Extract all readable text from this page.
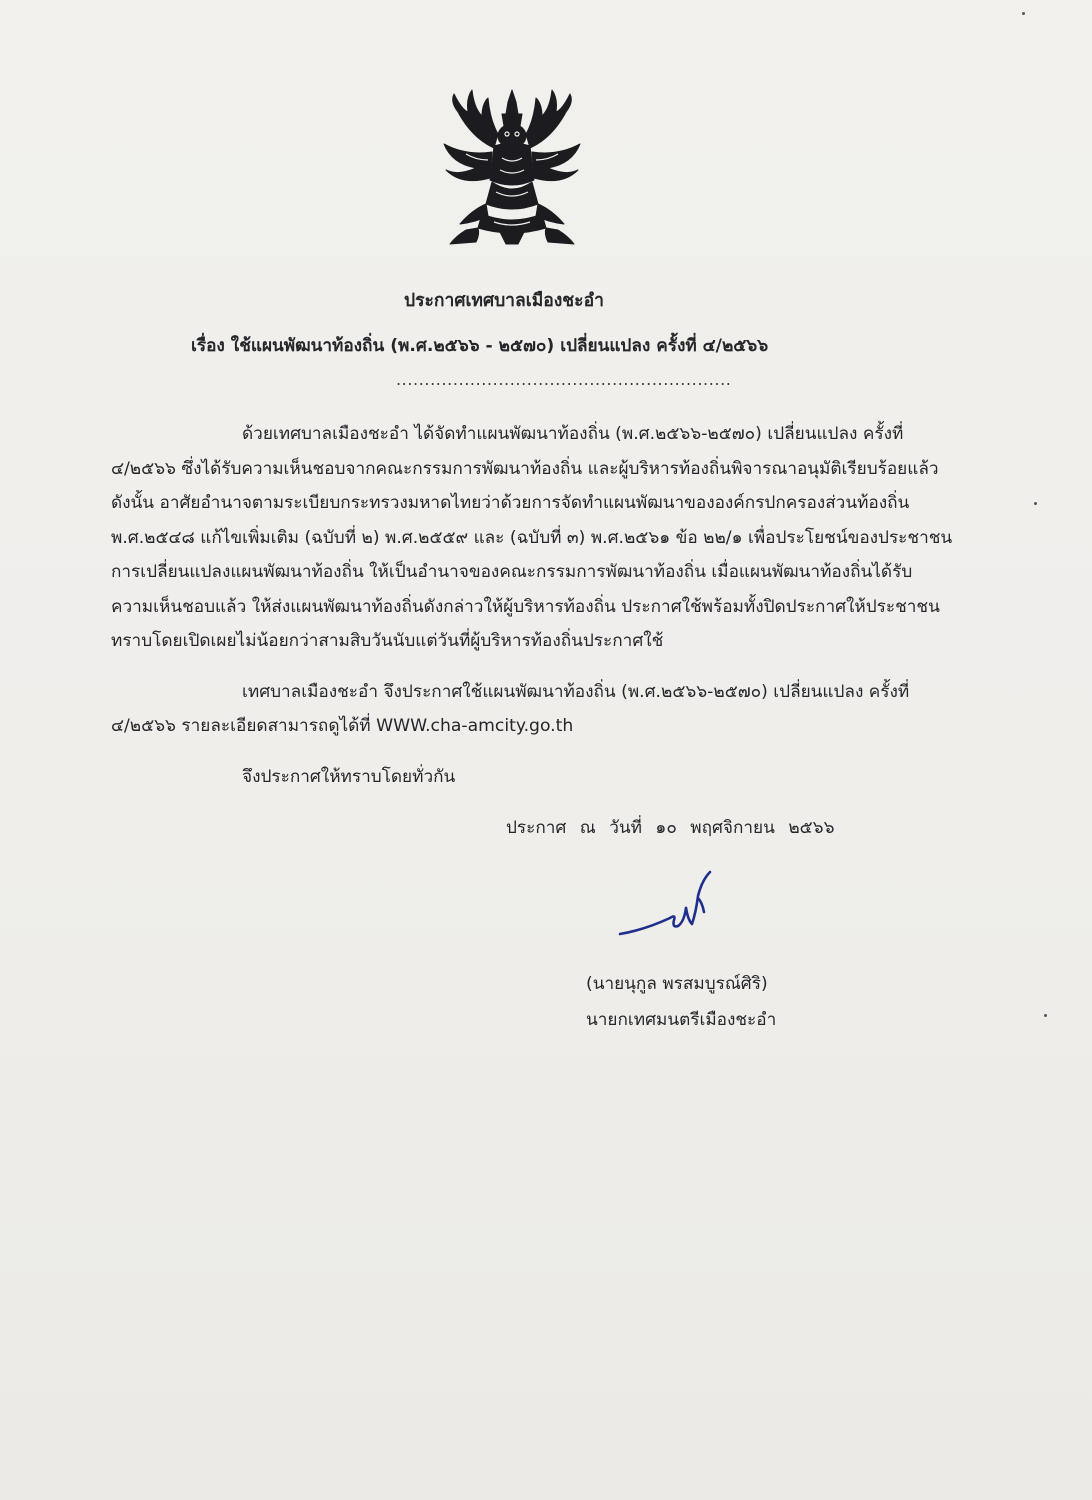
ประกาศเทศบาลเมืองชะอำ

เรื่อง ใช้แผนพัฒนาท้องถิ่น (พ.ศ.๒๕๖๖ - ๒๕๗๐) เปลี่ยนแปลง ครั้งที่ ๔/๒๕๖๖

...........................................................

ด้วยเทศบาลเมืองชะอำ ได้จัดทำแผนพัฒนาท้องถิ่น (พ.ศ.๒๕๖๖-๒๕๗๐) เปลี่ยนแปลง ครั้งที่

๔/๒๕๖๖ ซึ่งได้รับความเห็นชอบจากคณะกรรมการพัฒนาท้องถิ่น และผู้บริหารท้องถิ่นพิจารณาอนุมัติเรียบร้อยแล้ว

ดังนั้น อาศัยอำนาจตามระเบียบกระทรวงมหาดไทยว่าด้วยการจัดทำแผนพัฒนาขององค์กรปกครองส่วนท้องถิ่น

พ.ศ.๒๕๔๘ แก้ไขเพิ่มเติม (ฉบับที่ ๒) พ.ศ.๒๕๕๙ และ (ฉบับที่ ๓) พ.ศ.๒๕๖๑ ข้อ ๒๒/๑ เพื่อประโยชน์ของประชาชน

การเปลี่ยนแปลงแผนพัฒนาท้องถิ่น ให้เป็นอำนาจของคณะกรรมการพัฒนาท้องถิ่น เมื่อแผนพัฒนาท้องถิ่นได้รับ

ความเห็นชอบแล้ว ให้ส่งแผนพัฒนาท้องถิ่นดังกล่าวให้ผู้บริหารท้องถิ่น ประกาศใช้พร้อมทั้งปิดประกาศให้ประชาชน

ทราบโดยเปิดเผยไม่น้อยกว่าสามสิบวันนับแต่วันที่ผู้บริหารท้องถิ่นประกาศใช้

เทศบาลเมืองชะอำ จึงประกาศใช้แผนพัฒนาท้องถิ่น (พ.ศ.๒๕๖๖-๒๕๗๐) เปลี่ยนแปลง ครั้งที่

๔/๒๕๖๖ รายละเอียดสามารถดูได้ที่ WWW.cha-amcity.go.th

จึงประกาศให้ทราบโดยทั่วกัน

ประกาศ ณ วันที่ ๑๐ พฤศจิกายน ๒๕๖๖

(นายนุกูล พรสมบูรณ์ศิริ)

นายกเทศมนตรีเมืองชะอำ
